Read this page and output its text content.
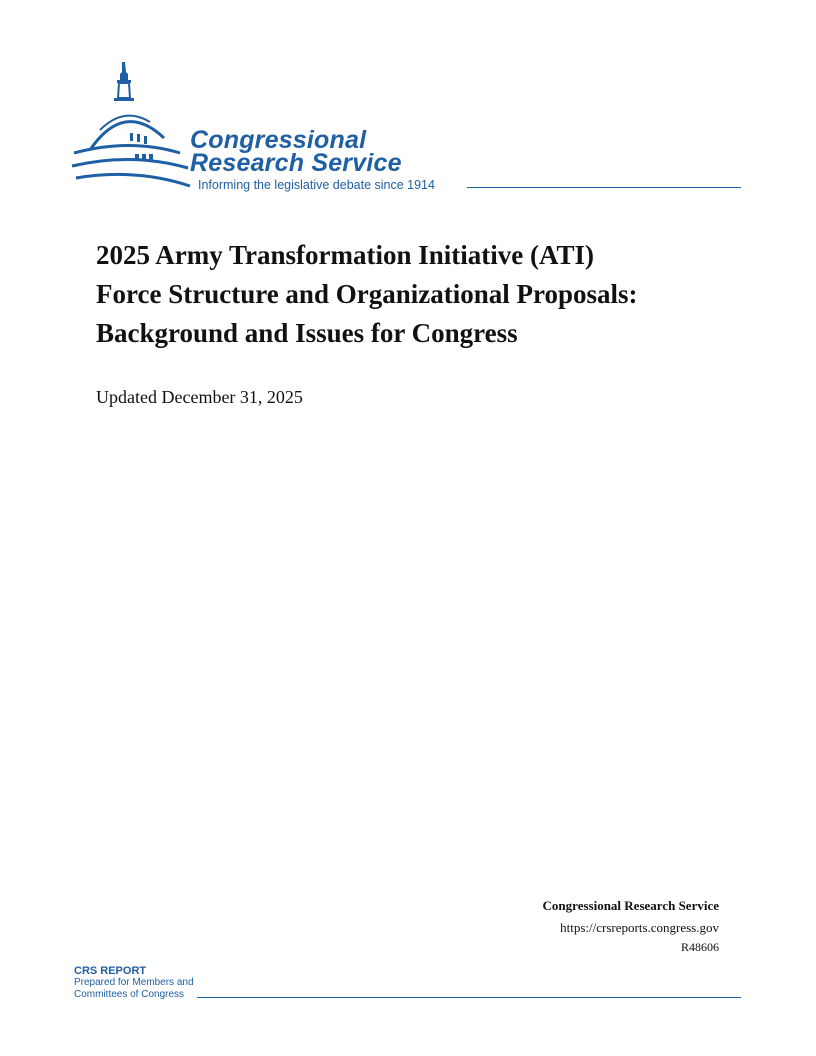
Congressional
Research Service
Informing the legislative debate since 1914
2025 Army Transformation Initiative (ATI)
Force Structure and Organizational Proposals:
Background and Issues for Congress
Updated December 31, 2025
Congressional Research Service
https://crsreports.congress.gov
R48606
CRS REPORT
Prepared for Members and
Committees of Congress
